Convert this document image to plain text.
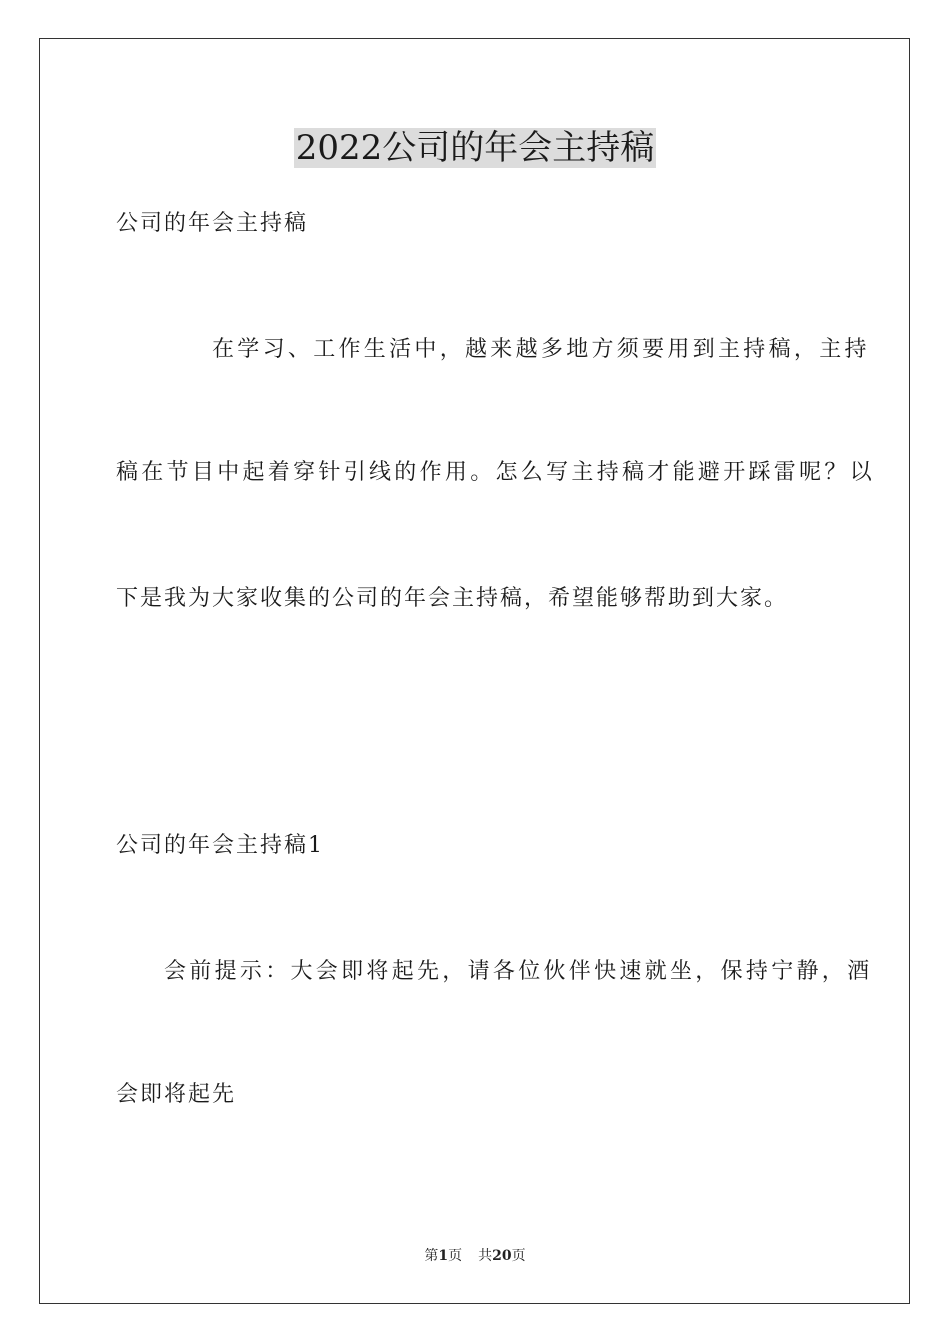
2022公司的年会主持稿
公司的年会主持稿
在学习、工作生活中，越来越多地方须要用到主持稿，主持
稿在节目中起着穿针引线的作用。怎么写主持稿才能避开踩雷呢？以
下是我为大家收集的公司的年会主持稿，希望能够帮助到大家。
公司的年会主持稿1
会前提示：大会即将起先，请各位伙伴快速就坐，保持宁静，酒
会即将起先
第1页 共20页
